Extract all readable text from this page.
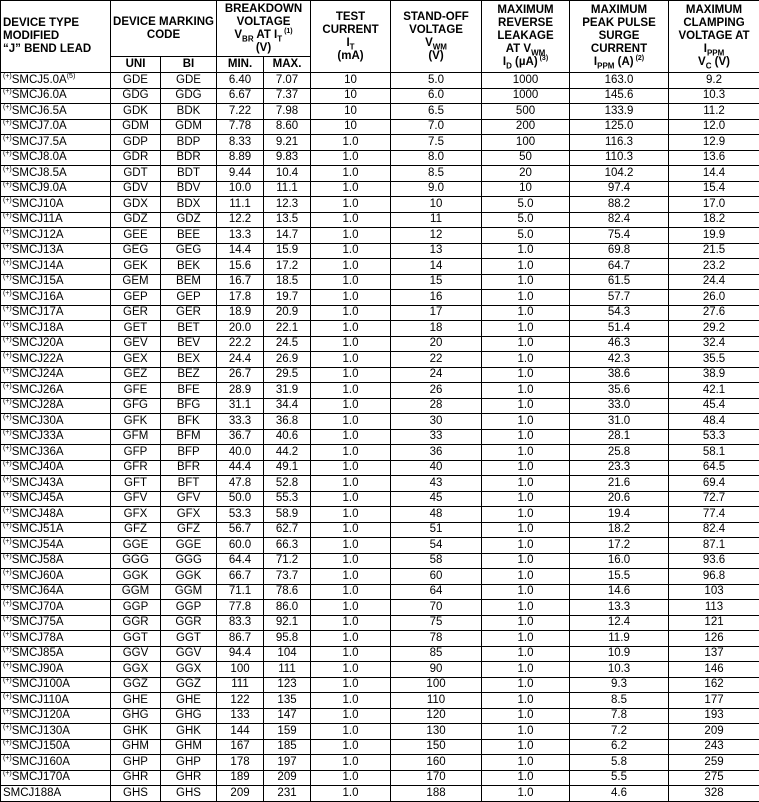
DEVICE TYPE
MODIFIED
“J” BEND LEAD	DEVICE MARKING
CODE		BREAKDOWN
VOLTAGE
$V_{BR}$ AT $I_T$ $^{(1)}$
(V)		TEST
CURRENT
$I_T$
(mA)	STAND-OFF
VOLTAGE
$V_{WM}$
(V)	MAXIMUM
REVERSE
LEAKAGE
AT $V_{WM}$
$I_D$ (µA) $^{(3)}$	MAXIMUM
PEAK PULSE
SURGE
CURRENT
$I_{PPM}$ (A) $^{(2)}$	MAXIMUM
CLAMPING
VOLTAGE AT
$I_{PPM}$
$V_C$ (V)

	UNI	BI	MIN.	MAX.					
$^{(+)}SMCJ5.0A^{(5)}$	GDE	GDE	6.40	7.07	10	5.0	1000	163.0	9.2
(+)SMCJ6.0A	GDG	GDG	6.67	7.37	10	6.0	1000	145.6	10.3
(+)SMCJ6.5A	GDK	BDK	7.22	7.98	10	6.5	500	133.9	11.2
(+)SMCJ7.0A	GDM	GDM	7.78	8.60	10	7.0	200	125.0	12.0
(+)SMCJ7.5A	GDP	BDP	8.33	9.21	1.0	7.5	100	116.3	12.9
(+)SMCJ8.0A	GDR	BDR	8.89	9.83	1.0	8.0	50	110.3	13.6
(+)SMCJ8.5A	GDT	BDT	9.44	10.4	1.0	8.5	20	104.2	14.4
(+)SMCJ9.0A	GDV	BDV	10.0	11.1	1.0	9.0	10	97.4	15.4
(+)SMCJ10A	GDX	BDX	11.1	12.3	1.0	10	5.0	88.2	17.0
(+)SMCJ11A	GDZ	GDZ	12.2	13.5	1.0	11	5.0	82.4	18.2
(+)SMCJ12A	GEE	BEE	13.3	14.7	1.0	12	5.0	75.4	19.9
(+)SMCJ13A	GEG	GEG	14.4	15.9	1.0	13	1.0	69.8	21.5
(+)SMCJ14A	GEK	BEK	15.6	17.2	1.0	14	1.0	64.7	23.2
(+)SMCJ15A	GEM	BEM	16.7	18.5	1.0	15	1.0	61.5	24.4
(+)SMCJ16A	GEP	GEP	17.8	19.7	1.0	16	1.0	57.7	26.0
(+)SMCJ17A	GER	GER	18.9	20.9	1.0	17	1.0	54.3	27.6
(+)SMCJ18A	GET	BET	20.0	22.1	1.0	18	1.0	51.4	29.2
(+)SMCJ20A	GEV	BEV	22.2	24.5	1.0	20	1.0	46.3	32.4
(+)SMCJ22A	GEX	BEX	24.4	26.9	1.0	22	1.0	42.3	35.5
(+)SMCJ24A	GEZ	BEZ	26.7	29.5	1.0	24	1.0	38.6	38.9
(+)SMCJ26A	GFE	BFE	28.9	31.9	1.0	26	1.0	35.6	42.1
(+)SMCJ28A	GFG	BFG	31.1	34.4	1.0	28	1.0	33.0	45.4
(+)SMCJ30A	GFK	BFK	33.3	36.8	1.0	30	1.0	31.0	48.4
(+)SMCJ33A	GFM	BFM	36.7	40.6	1.0	33	1.0	28.1	53.3
(+)SMCJ36A	GFP	BFP	40.0	44.2	1.0	36	1.0	25.8	58.1
(+)SMCJ40A	GFR	BFR	44.4	49.1	1.0	40	1.0	23.3	64.5
(+)SMCJ43A	GFT	BFT	47.8	52.8	1.0	43	1.0	21.6	69.4
(+)SMCJ45A	GFV	GFV	50.0	55.3	1.0	45	1.0	20.6	72.7
(+)SMCJ48A	GFX	GFX	53.3	58.9	1.0	48	1.0	19.4	77.4
(+)SMCJ51A	GFZ	GFZ	56.7	62.7	1.0	51	1.0	18.2	82.4
(+)SMCJ54A	GGE	GGE	60.0	66.3	1.0	54	1.0	17.2	87.1
(+)SMCJ58A	GGG	GGG	64.4	71.2	1.0	58	1.0	16.0	93.6
(+)SMCJ60A	GGK	GGK	66.7	73.7	1.0	60	1.0	15.5	96.8
(+)SMCJ64A	GGM	GGM	71.1	78.6	1.0	64	1.0	14.6	103
(+)SMCJ70A	GGP	GGP	77.8	86.0	1.0	70	1.0	13.3	113
(+)SMCJ75A	GGR	GGR	83.3	92.1	1.0	75	1.0	12.4	121
(+)SMCJ78A	GGT	GGT	86.7	95.8	1.0	78	1.0	11.9	126
(+)SMCJ85A	GGV	GGV	94.4	104	1.0	85	1.0	10.9	137
(+)SMCJ90A	GGX	GGX	100	111	1.0	90	1.0	10.3	146
(+)SMCJ100A	GGZ	GGZ	111	123	1.0	100	1.0	9.3	162
(+)SMCJ110A	GHE	GHE	122	135	1.0	110	1.0	8.5	177
(+)SMCJ120A	GHG	GHG	133	147	1.0	120	1.0	7.8	193
(+)SMCJ130A	GHK	GHK	144	159	1.0	130	1.0	7.2	209
(+)SMCJ150A	GHM	GHM	167	185	1.0	150	1.0	6.2	243
(+)SMCJ160A	GHP	GHP	178	197	1.0	160	1.0	5.8	259
(+)SMCJ170A	GHR	GHR	189	209	1.0	170	1.0	5.5	275
SMCJ188A	GHS	GHS	209	231	1.0	188	1.0	4.6	328
